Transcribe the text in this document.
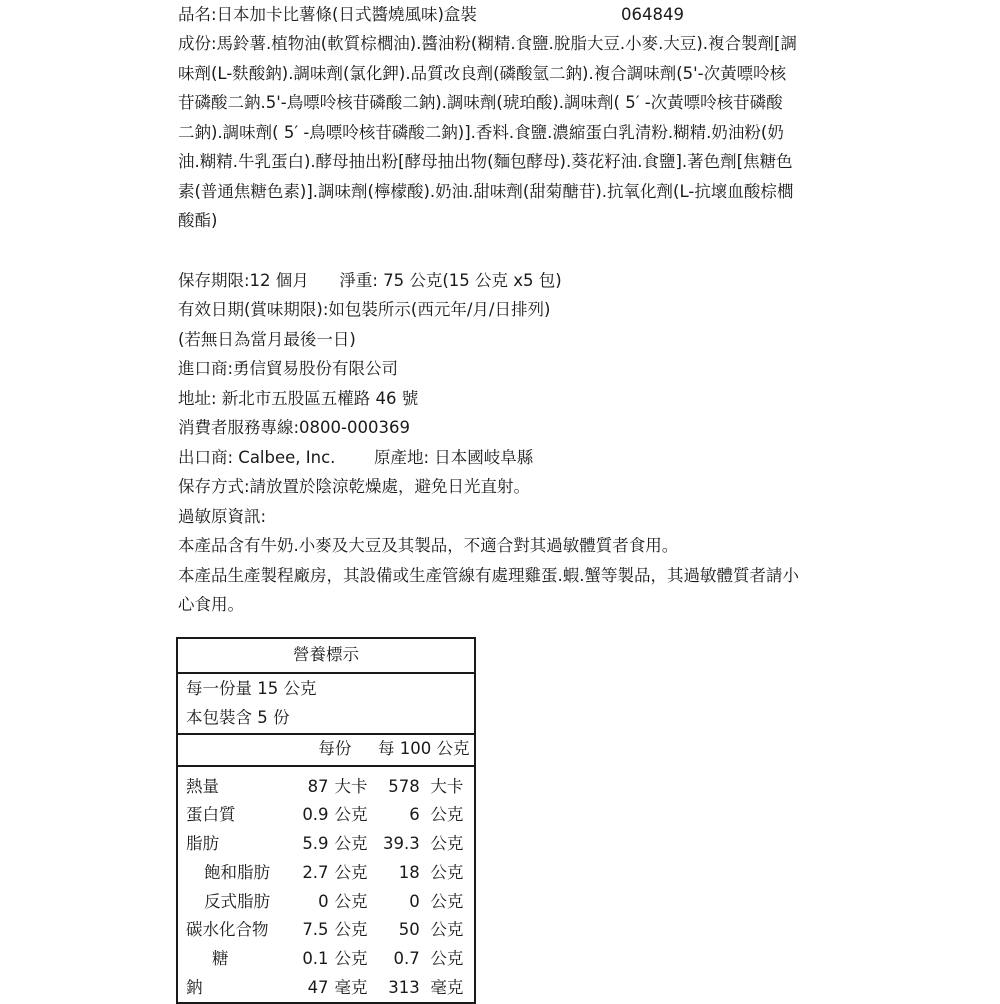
品名:日本加卡比薯條(日式醬燒風味)盒裝	064849
成份:馬鈴薯.植物油(軟質棕櫚油).醬油粉(糊精.食鹽.脫脂大豆.小麥.大豆).複合製劑[調
味劑(L-麩酸鈉).調味劑(氯化鉀).品質改良劑(磷酸氫二鈉).複合調味劑(5'-次黃嘌呤核
苷磷酸二鈉.5'-鳥嘌呤核苷磷酸二鈉).調味劑(琥珀酸).調味劑( 5′ -次黃嘌呤核苷磷酸
二鈉).調味劑( 5′ -鳥嘌呤核苷磷酸二鈉)].香料.食鹽.濃縮蛋白乳清粉.糊精.奶油粉(奶
油.糊精.牛乳蛋白).酵母抽出粉[酵母抽出物(麵包酵母).葵花籽油.食鹽].著色劑[焦糖色
素(普通焦糖色素)].調味劑(檸檬酸).奶油.甜味劑(甜菊醣苷).抗氧化劑(L-抗壞血酸棕櫚
酸酯)
保存期限:12 個月 淨重: 75 公克(15 公克 x5 包)
有效日期(賞味期限):如包裝所示(西元年/月/日排列)
(若無日為當月最後一日)
進口商:勇信貿易股份有限公司
地址: 新北市五股區五權路 46 號
消費者服務專線:0800-000369
出口商: Calbee, Inc. 原產地: 日本國岐阜縣
保存方式:請放置於陰涼乾燥處，避免日光直射。
過敏原資訊:
本產品含有牛奶.小麥及大豆及其製品，不適合對其過敏體質者食用。
本產品生產製程廠房，其設備或生產管線有處理雞蛋.蝦.蟹等製品，其過敏體質者請小
心食用。
營養標示				
每一份量 15 公克				
本包裝含 5 份				
	每份		每 100 公克	
熱量	87	大卡	578	大卡
蛋白質	0.9	公克	6	公克
脂肪	5.9	公克	39.3	公克
飽和脂肪	2.7	公克	18	公克
反式脂肪	0	公克	0	公克
碳水化合物	7.5	公克	50	公克
糖	0.1	公克	0.7	公克
鈉	47	毫克	313	毫克
